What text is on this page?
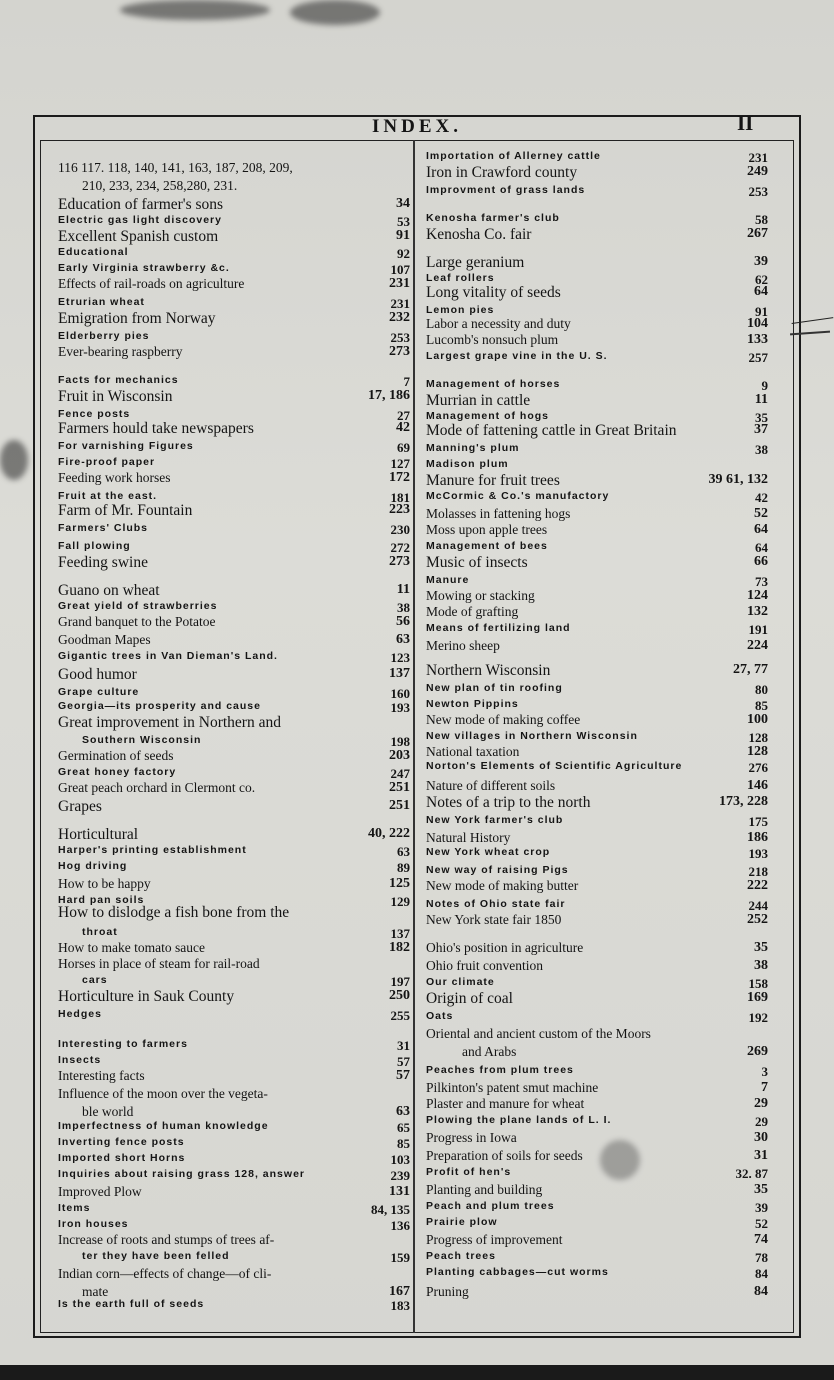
INDEX.	II
116 117. 118, 140, 141, 163, 187, 208, 209,
210, 233, 234, 258,280, 231.
Education of farmer's sons	34
Electric gas light discovery	53
Excellent Spanish custom	91
Educational	92
Early Virginia strawberry &c.	107
Effects of rail-roads on agriculture	231
Etrurian wheat	231
Emigration from Norway	232
Elderberry pies	253
Ever-bearing raspberry	273
Facts for mechanics	7
Fruit in Wisconsin	17, 186
Fence posts	27
Farmers hould take newspapers	42
For varnishing Figures	69
Fire-proof paper	127
Feeding work horses	172
Fruit at the east.	181
Farm of Mr. Fountain	223
Farmers' Clubs	230
Fall plowing	272
Feeding swine	273
Guano on wheat	11
Great yield of strawberries	38
Grand banquet to the Potatoe	56
Goodman Mapes	63
Gigantic trees in Van Dieman's Land.	123
Good humor	137
Grape culture	160
Georgia—its prosperity and cause	193
Great improvement in Northern and
Southern Wisconsin	198
Germination of seeds	203
Great honey factory	247
Great peach orchard in Clermont co.	251
Grapes	251
Horticultural	40, 222
Harper's printing establishment	63
Hog driving	89
How to be happy	125
Hard pan soils	129
How to dislodge a fish bone from the
throat	137
How to make tomato sauce	182
Horses in place of steam for rail-road
cars	197
Horticulture in Sauk County	250
Hedges	255
Interesting to farmers	31
Insects	57
Interesting facts	57
Influence of the moon over the vegeta-
ble world	63
Imperfectness of human knowledge	65
Inverting fence posts	85
Imported short Horns	103
Inquiries about raising grass 128, answer	239
Improved Plow	131
Items	84, 135
Iron houses	136
Increase of roots and stumps of trees af-
ter they have been felled	159
Indian corn—effects of change—of cli-
mate	167
Is the earth full of seeds	183
Importation of Allerney cattle	231
Iron in Crawford county	249
Improvment of grass lands	253
Kenosha farmer's club	58
Kenosha Co. fair	267
Large geranium	39
Leaf rollers	62
Long vitality of seeds	64
Lemon pies	91
Labor a necessity and duty	104
Lucomb's nonsuch plum	133
Largest grape vine in the U. S.	257
Management of horses	9
Murrian in cattle	11
Management of hogs	35
Mode of fattening cattle in Great Britain	37
Manning's plum	38
Madison plum
Manure for fruit trees	39 61, 132
McCormic & Co.'s manufactory	42
Molasses in fattening hogs	52
Moss upon apple trees	64
Management of bees	64
Music of insects	66
Manure	73
Mowing or stacking	124
Mode of grafting	132
Means of fertilizing land	191
Merino sheep	224
Northern Wisconsin	27, 77
New plan of tin roofing	80
Newton Pippins	85
New mode of making coffee	100
New villages in Northern Wisconsin	128
National taxation	128
Norton's Elements of Scientific Agriculture	276
Nature of different soils	146
Notes of a trip to the north	173, 228
New York farmer's club	175
Natural History	186
New York wheat crop	193
New way of raising Pigs	218
New mode of making butter	222
Notes of Ohio state fair	244
New York state fair 1850	252
Ohio's position in agriculture	35
Ohio fruit convention	38
Our climate	158
Origin of coal	169
Oats	192
Oriental and ancient custom of the Moors
and Arabs	269
Peaches from plum trees	3
Pilkinton's patent smut machine	7
Plaster and manure for wheat	29
Plowing the plane lands of L. I.	29
Progress in Iowa	30
Preparation of soils for seeds	31
Profit of hen's	32. 87
Planting and building	35
Peach and plum trees	39
Prairie plow	52
Progress of improvement	74
Peach trees	78
Planting cabbages—cut worms	84
Pruning	84
